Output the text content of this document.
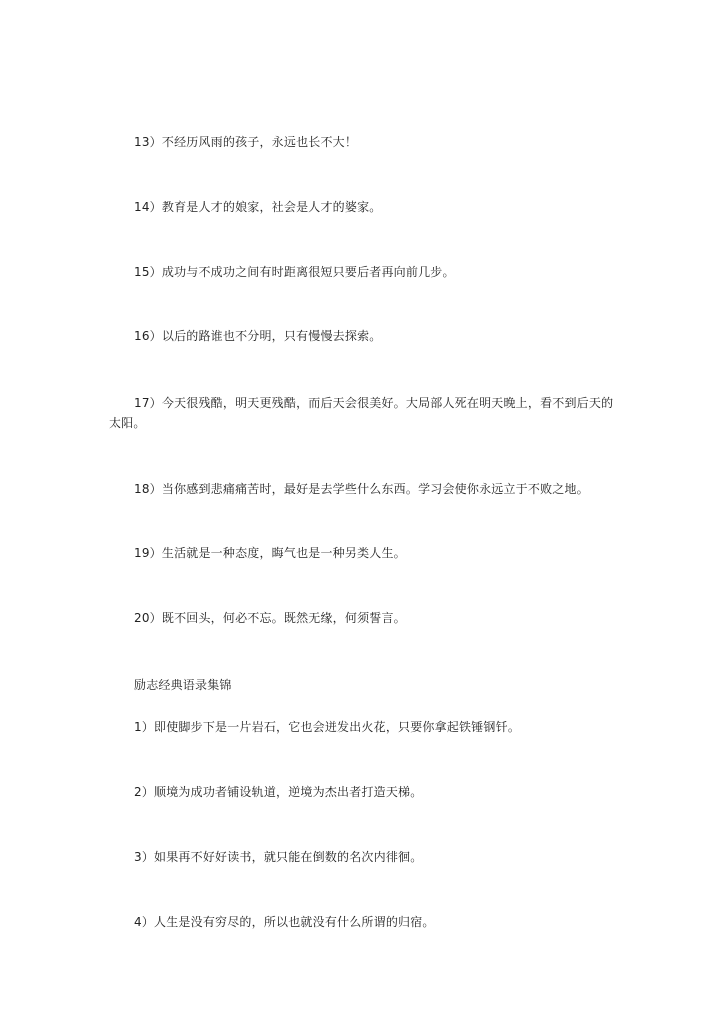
13）不经历风雨的孩子，永远也长不大！
14）教育是人才的娘家，社会是人才的婆家。
15）成功与不成功之间有时距离很短只要后者再向前几步。
16）以后的路谁也不分明，只有慢慢去探索。
17）今天很残酷，明天更残酷，而后天会很美好。大局部人死在明天晚上，看不到后天的太阳。
18）当你感到悲痛痛苦时，最好是去学些什么东西。学习会使你永远立于不败之地。
19）生活就是一种态度，晦气也是一种另类人生。
20）既不回头，何必不忘。既然无缘，何须誓言。
励志经典语录集锦
1）即使脚步下是一片岩石，它也会迸发出火花，只要你拿起铁锤钢钎。
2）顺境为成功者铺设轨道，逆境为杰出者打造天梯。
3）如果再不好好读书，就只能在倒数的名次内徘徊。
4）人生是没有穷尽的，所以也就没有什么所谓的归宿。
